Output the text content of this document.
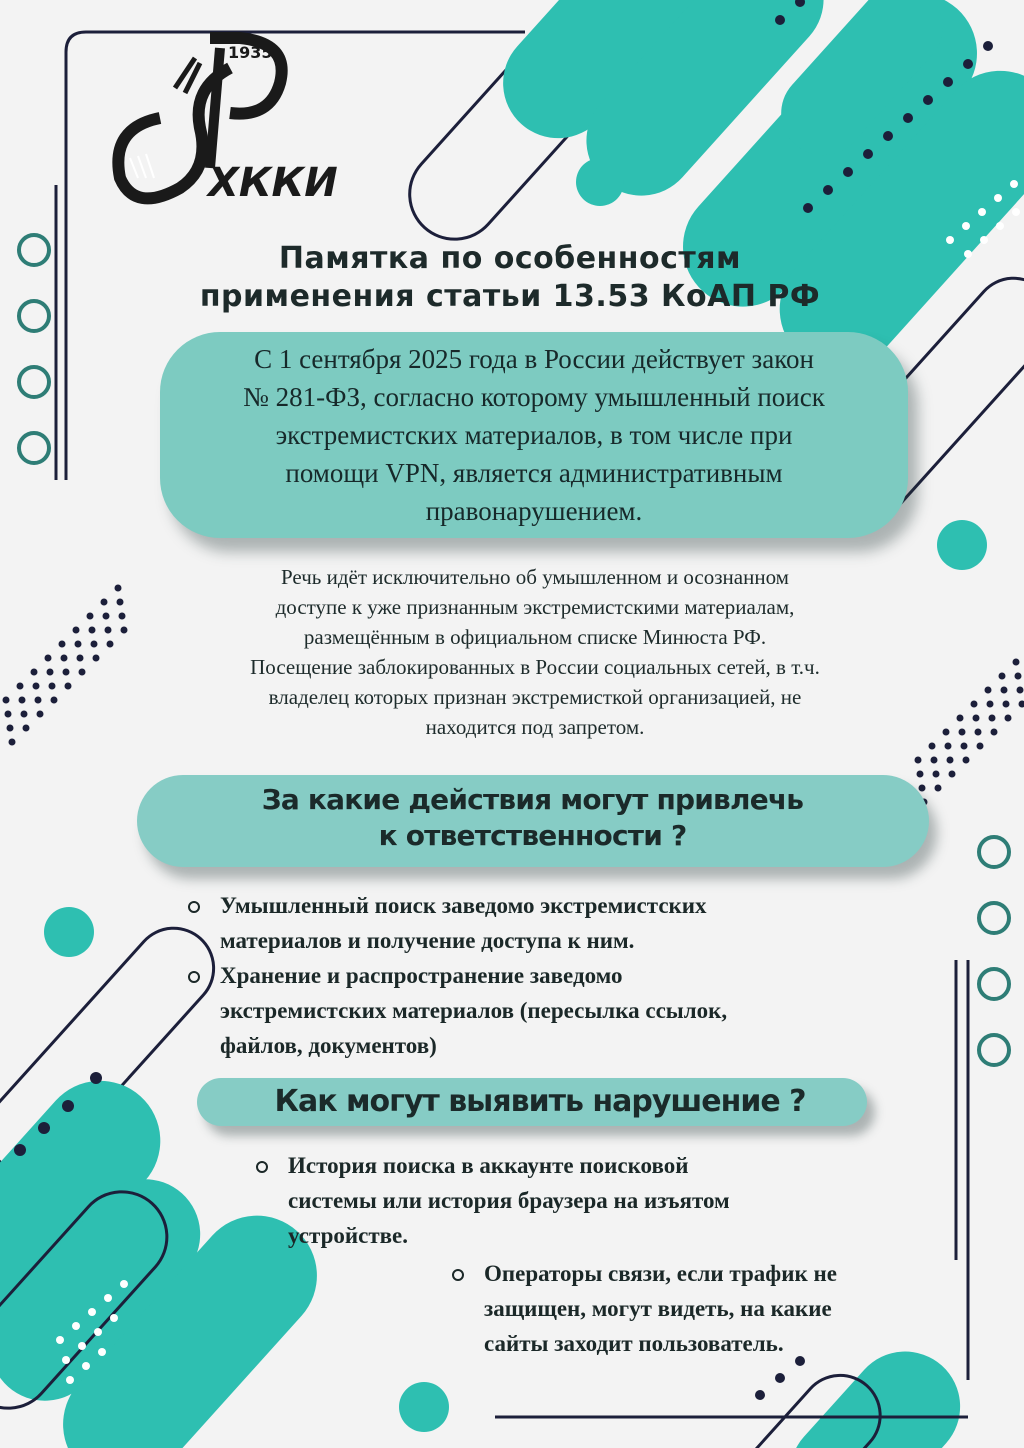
1935
ХККИ
Памятка по особенностям
применения статьи 13.53 КоАП РФ
С 1 сентября 2025 года в России действует закон
№ 281-ФЗ, согласно которому умышленный поиск
экстремистских материалов, в том числе при
помощи VPN, является административным
правонарушением.
Речь идёт исключительно об умышленном и осознанном
доступе к уже признанным экстремистскими материалам,
размещённым в официальном списке Минюста РФ.
Посещение заблокированных в России социальных сетей, в т.ч.
владелец которых признан экстремисткой организацией, не
находится под запретом.
За какие действия могут привлечь
к ответственности ?
Умышленный поиск заведомо экстремистских
материалов и получение доступа к ним.
Хранение и распространение заведомо
экстремистских материалов (пересылка ссылок,
файлов, документов)
Как могут выявить нарушение ?
История поиска в аккаунте поисковой
системы или история браузера на изъятом
устройстве.
Операторы связи, если трафик не
защищен, могут видеть, на какие
сайты заходит пользователь.
